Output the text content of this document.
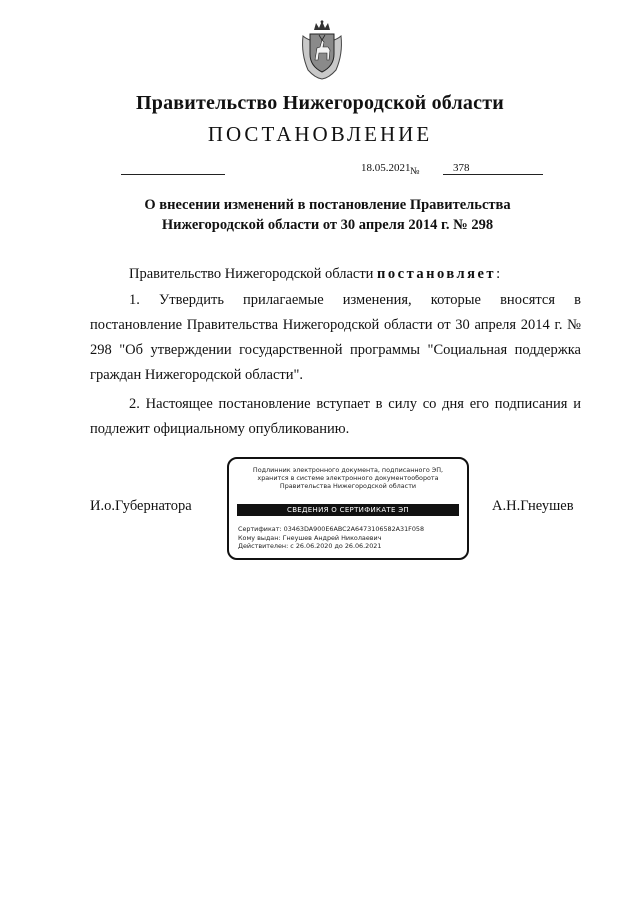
Правительство Нижегородской области
ПОСТАНОВЛЕНИЕ
18.05.2021 №	378
О внесении изменений в постановление Правительства
Нижегородской области от 30 апреля 2014 г. № 298
Правительство Нижегородской области постановляет:
1. Утвердить прилагаемые изменения, которые вносятся в постановление Правительства Нижегородской области от 30 апреля 2014 г. № 298 "Об утверждении государственной программы "Социальная поддержка граждан Нижегородской области".
2. Настоящее постановление вступает в силу со дня его подписания и подлежит официальному опубликованию.
И.о.Губернатора	А.Н.Гнеушев
Подлинник электронного документа, подписанного ЭП,
хранится в системе электронного документооборота
Правительства Нижегородской области
СВЕДЕНИЯ О СЕРТИФИКАТЕ ЭП
Сертификат: 03463DA900E6ABC2A6473106582A31F058
Кому выдан: Гнеушев Андрей Николаевич
Действителен: с 26.06.2020 до 26.06.2021
